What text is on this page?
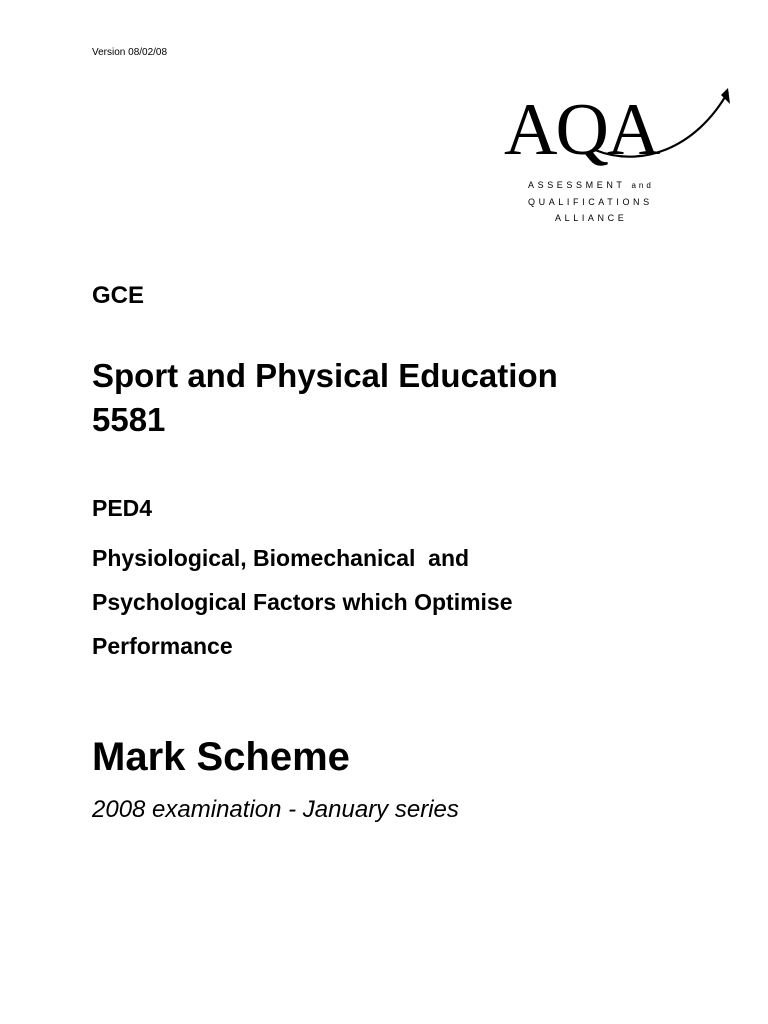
Version 08/02/08
AQA
ASSESSMENT and
QUALIFICATIONS
ALLIANCE
GCE
Sport and Physical Education
5581
PED4
Physiological, Biomechanical  and
Psychological Factors which Optimise
Performance
Mark Scheme
2008 examination - January series
